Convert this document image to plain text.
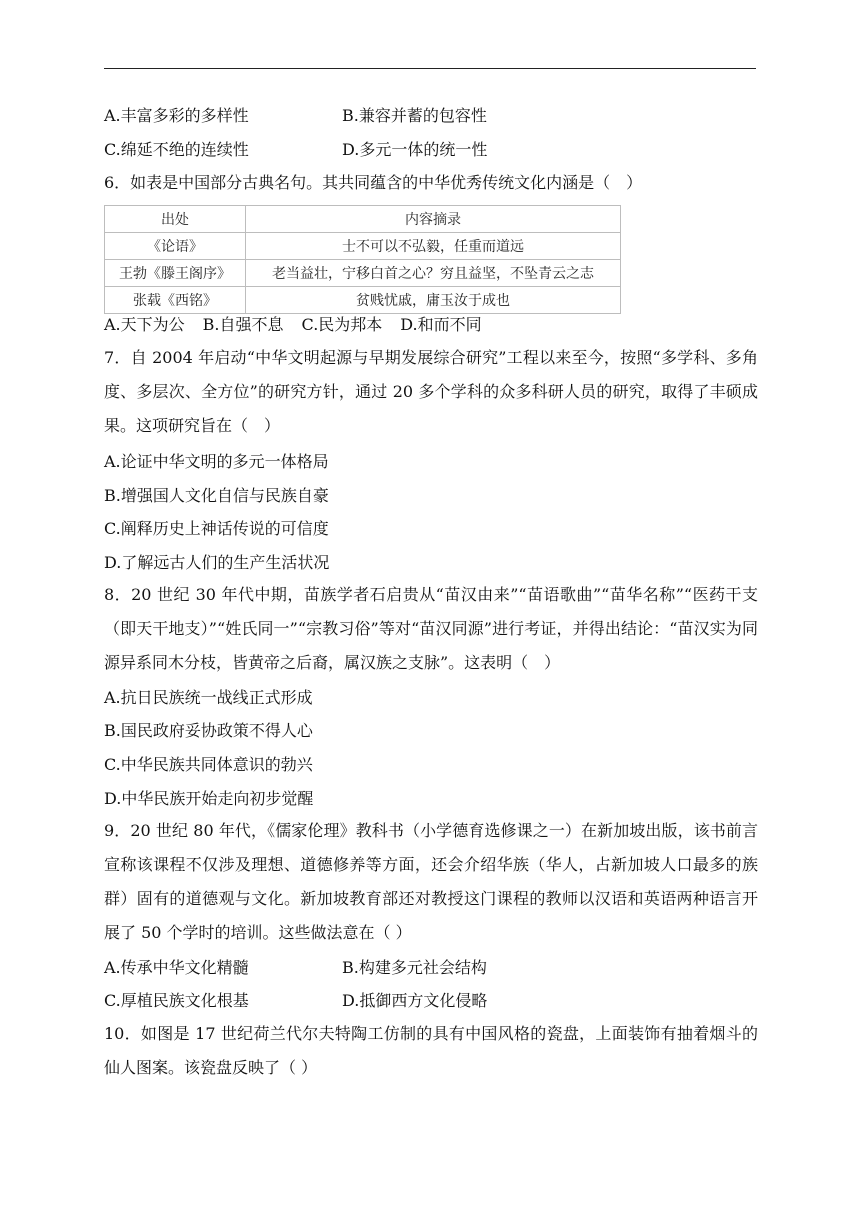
A.丰富多彩的多样性	B.兼容并蓄的包容性
C.绵延不绝的连续性	D.多元一体的统一性
6．如表是中国部分古典名句。其共同蕴含的中华优秀传统文化内涵是（　）
出处	内容摘录
《论语》	士不可以不弘毅，任重而道远
王勃《滕王阁序》	老当益壮，宁移白首之心？穷且益坚，不坠青云之志
张载《西铭》	贫贱忧戚，庸玉汝于成也
A.天下为公 B.自强不息 C.民为邦本 D.和而不同
7．自 2004 年启动“中华文明起源与早期发展综合研究”工程以来至今，按照“多学科、多角度、多层次、全方位”的研究方针，通过 20 多个学科的众多科研人员的研究，取得了丰硕成果。这项研究旨在（　）
A.论证中华文明的多元一体格局
B.增强国人文化自信与民族自豪
C.阐释历史上神话传说的可信度
D.了解远古人们的生产生活状况
8．20 世纪 30 年代中期，苗族学者石启贵从“苗汉由来”“苗语歌曲”“苗华名称”“医药干支（即天干地支）”“姓氏同一”“宗教习俗”等对“苗汉同源”进行考证，并得出结论：“苗汉实为同源异系同木分枝，皆黄帝之后裔，属汉族之支脉”。这表明（　）
A.抗日民族统一战线正式形成
B.国民政府妥协政策不得人心
C.中华民族共同体意识的勃兴
D.中华民族开始走向初步觉醒
9．20 世纪 80 年代，《儒家伦理》教科书（小学德育选修课之一）在新加坡出版，该书前言宣称该课程不仅涉及理想、道德修养等方面，还会介绍华族（华人，占新加坡人口最多的族群）固有的道德观与文化。新加坡教育部还对教授这门课程的教师以汉语和英语两种语言开展了 50 个学时的培训。这些做法意在（ ）
A.传承中华文化精髓	B.构建多元社会结构
C.厚植民族文化根基	D.抵御西方文化侵略
10．如图是 17 世纪荷兰代尔夫特陶工仿制的具有中国风格的瓷盘，上面装饰有抽着烟斗的仙人图案。该瓷盘反映了（ ）
